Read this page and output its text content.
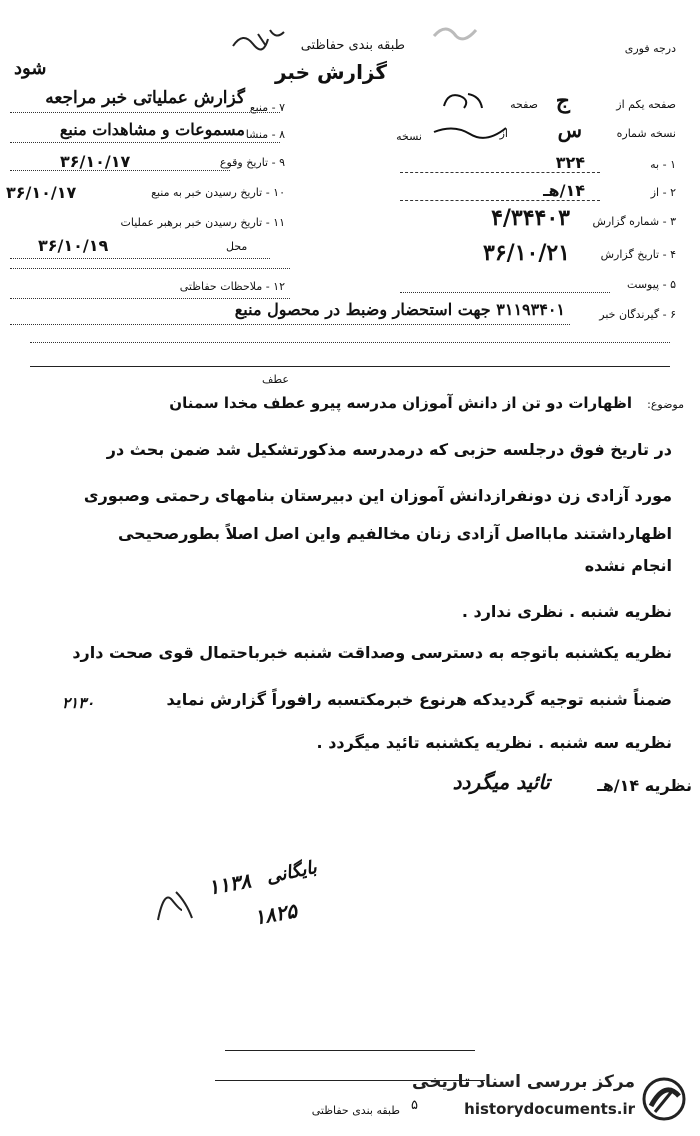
درجه فوری
طبقه بندی حفاظتی
گزارش خبر
شود
۷ - منبع
گزارش عملیاتی خبر مراجعه
۸ - منشا
مسموعات و مشاهدات منبع
۹ - تاریخ وقوع
۳۶/۱۰/۱۷
۱۰ - تاریخ رسیدن خبر به منبع
۳۶/۱۰/۱۷
۱۱ - تاریخ رسیدن خبر برهبر عملیات
۳۶/۱۰/۱۹	محل
۱۲ - ملاحظات حفاظتی
صفحه یکم از
ج
صفحه
نسخه شماره
س
از
نسخه
۱ - به
۳۲۴
۲ - از
۱۴/هـ
۳ - شماره گزارش
۴/۳۴۴۰۳
۴ - تاریخ گزارش
۳۶/۱۰/۲۱
۵ - پیوست
۶ - گیرندگان خبر
۳۱۱۹۳۴۰۱ جهت استحضار وضبط در محصول منبع
عطف
موضوع:
اظهارات دو تن از دانش آموزان مدرسه پیرو عطف مخدا سمنان
در تاریخ فوق درجلسه حزبی که درمدرسه مذکورتشکیل شد ضمن بحث در
مورد آزادی زن دونفرازدانش آموزان این دبیرستان بنامهای رحمتی وصبوری
اظهارداشتند مابااصل آزادی زنان مخالفیم واین اصل اصلاً بطورصحیحی
انجام نشده
نظریه شنبه . نظری ندارد .
نظریه یکشنبه باتوجه به دسترسی وصداقت شنبه خبرباحتمال قوی صحت دارد
ضمناً شنبه توجیه گردیدکه هرنوع خبرمکتسبه رافوراً گزارش نماید
۲۱۳۰
نظریه سه شنبه . نظریه یکشنبه تائید میگردد .
نظریه ۱۴/هـ
تائید میگردد
۱۱۳۸
۱۸۲۵
بایگانی
طبقه بندی حفاظتی
مرکز بررسی اسناد تاریخی
historydocuments.ir
۵
